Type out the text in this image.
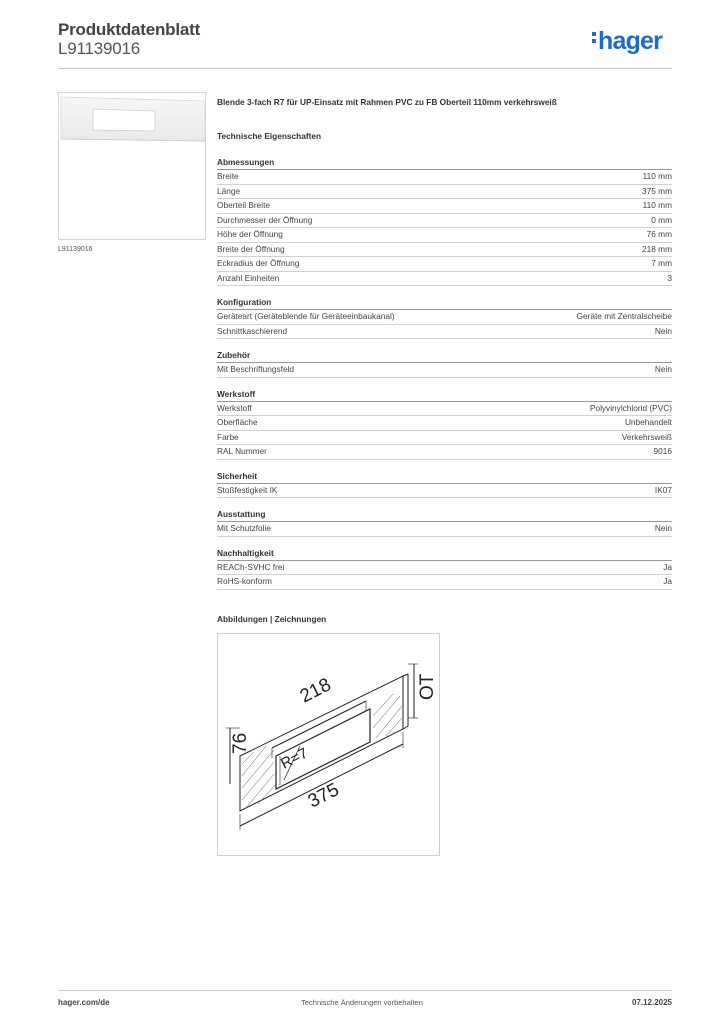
Produktdatenblatt
L91139016	hager
L91139016
Blende 3-fach R7 für UP-Einsatz mit Rahmen PVC zu FB Oberteil 110mm verkehrsweiß
Technische Eigenschaften
Abmessungen
Breite	110 mm
Länge	375 mm
Oberteil Breite	110 mm
Durchmesser der Öffnung	0 mm
Höhe der Öffnung	76 mm
Breite der Öffnung	218 mm
Eckradius der Öffnung	7 mm
Anzahl Einheiten	3
Konfiguration
Geräteart (Geräteblende für Geräteeinbaukanal)	Geräte mit Zentralscheibe
Schnittkaschierend	Nein
Zubehör
Mit Beschriftungsfeld	Nein
Werkstoff
Werkstoff	Polyvinylchlorid (PVC)
Oberfläche	Unbehandelt
Farbe	Verkehrsweiß
RAL Nummer	9016
Sicherheit
Stoßfestigkeit IK	IK07
Ausstattung
Mit Schutzfolie	Nein
Nachhaltigkeit
REACh-SVHC frei	Ja
RoHS-konform	Ja
Abbildungen | Zeichnungen
218
375
76
OT
R=7
hager.com/de	Technische Änderungen vorbehalten	07.12.2025
